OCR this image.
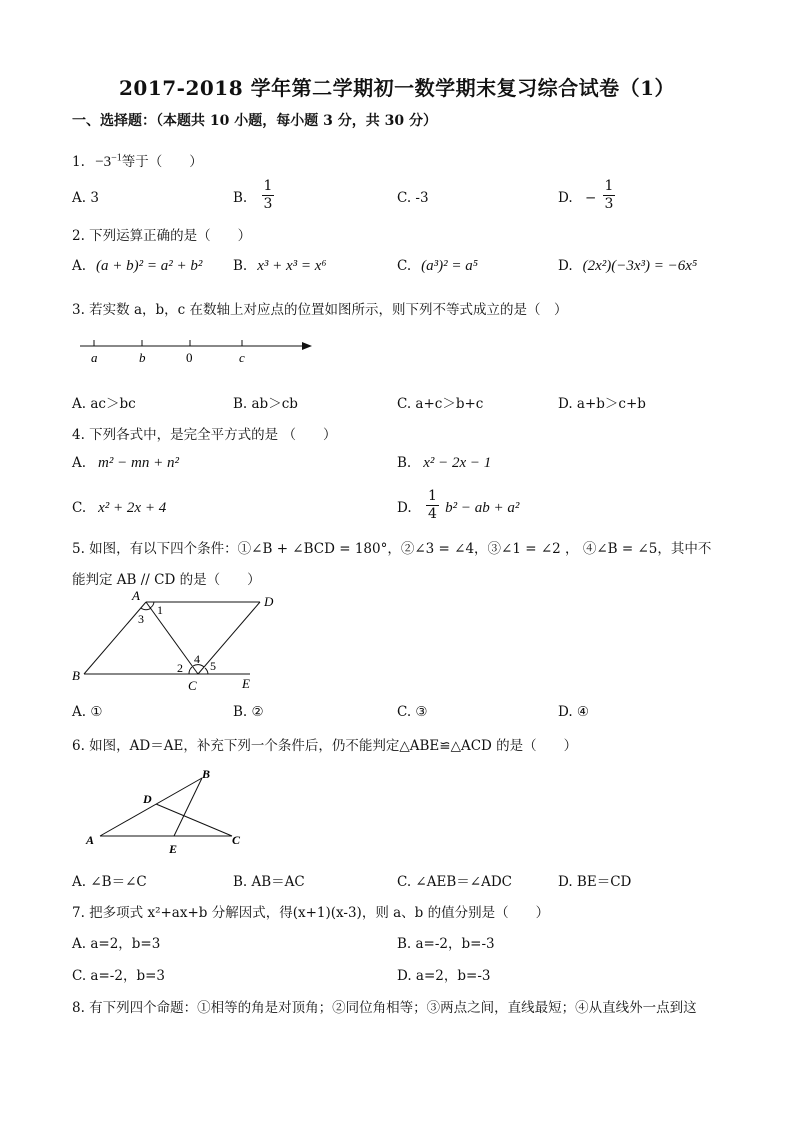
2017-2018 学年第二学期初一数学期末复习综合试卷（1）
一、选择题：（本题共 10 小题，每小题 3 分，共 30 分）
1. $-3^{-1}$等于（　　）
A. 3	B. $\frac{1}{3}$	C. -3	D. − $\frac{1}{3}$
2. 下列运算正确的是（　　）
A. (a + b)² = a² + b² B. x³ + x³ = x⁶	C. (a³)² = a⁵	D. (2x²)(−3x³) = −6x⁵
3. 若实数 a，b，c 在数轴上对应点的位置如图所示，则下列不等式成立的是（　）
a	b	0	c
A. ac＞bc	B. ab＞cb	C. a+c＞b+c	D. a+b＞c+b
4. 下列各式中，是完全平方式的是 （　　）
A. m² − mn + n²	B. x² − 2x − 1
C. x² + 2x + 4	D. $\frac{1}{4} b^2$ − ab + a²
5. 如图，有以下四个条件：①∠B + ∠BCD = 180°，②∠3 = ∠4，③∠1 = ∠2 ， ④∠B = ∠5，其中不
能判定 AB // CD 的是（　　）
A	D
B
C	E
1
3
2
4 5
A. ①	B. ②	C. ③	D. ④
6. 如图，AD＝AE，补充下列一个条件后，仍不能判定△ABE≌△ACD 的是（　　）
A
B
C
D
E
A. ∠B＝∠C	B. AB＝AC	C. ∠AEB＝∠ADC	D. BE＝CD
7. 把多项式 x²+ax+b 分解因式，得(x+1)(x-3)，则 a、b 的值分别是（　　）
A. a=2，b=3	B. a=-2，b=-3
C. a=-2，b=3	D. a=2，b=-3
8. 有下列四个命题：①相等的角是对顶角；②同位角相等；③两点之间，直线最短；④从直线外一点到这
